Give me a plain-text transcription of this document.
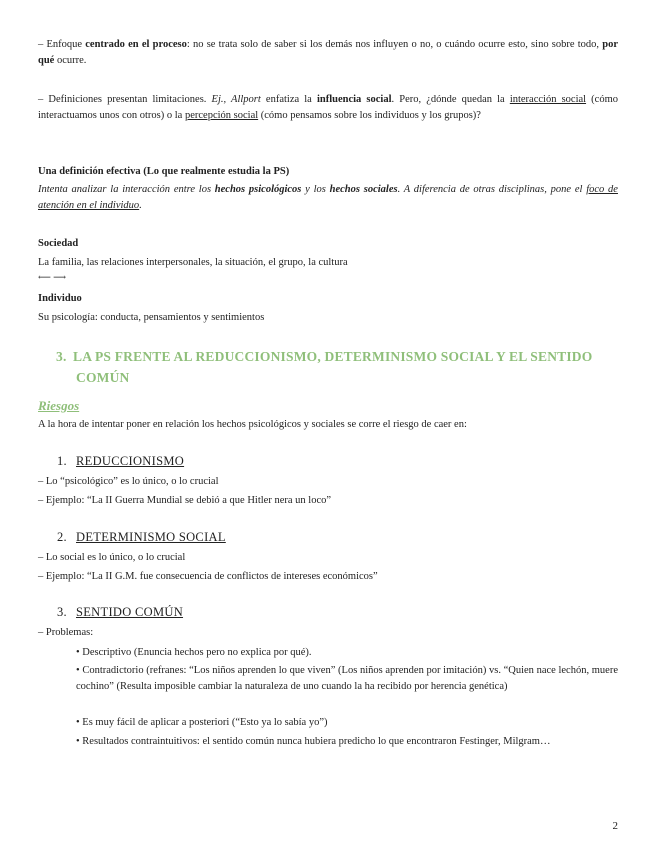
– Enfoque centrado en el proceso: no se trata solo de saber si los demás nos influyen o no, o cuándo ocurre esto, sino sobre todo, por qué ocurre.
– Definiciones presentan limitaciones. Ej., Allport enfatiza la influencia social. Pero, ¿dónde quedan la interacción social (cómo interactuamos unos con otros) o la percepción social (cómo pensamos sobre los individuos y los grupos)?
Una definición efectiva (Lo que realmente estudia la PS)
Intenta analizar la interacción entre los hechos psicológicos y los hechos sociales. A diferencia de otras disciplinas, pone el foco de atención en el individuo.
Sociedad
La familia, las relaciones interpersonales, la situación, el grupo, la cultura
⟵ ⟶
Individuo
Su psicología: conducta, pensamientos y sentimientos
3. LA PS FRENTE AL REDUCCIONISMO, DETERMINISMO SOCIAL Y EL SENTIDO COMÚN
Riesgos
A la hora de intentar poner en relación los hechos psicológicos y sociales se corre el riesgo de caer en:
1. REDUCCIONISMO
– Lo “psicológico” es lo único, o lo crucial
– Ejemplo: “La II Guerra Mundial se debió a que Hitler nera un loco”
2. DETERMINISMO SOCIAL
– Lo social es lo único, o lo crucial
– Ejemplo: “La II G.M. fue consecuencia de conflictos de intereses económicos”
3. SENTIDO COMÚN
– Problemas:
• Descriptivo (Enuncia hechos pero no explica por qué).
• Contradictorio (refranes: “Los niños aprenden lo que viven” (Los niños aprenden por imitación) vs. “Quien nace lechón, muere cochino” (Resulta imposible cambiar la naturaleza de uno cuando la ha recibido por herencia genética)
• Es muy fácil de aplicar a posteriori (“Esto ya lo sabía yo”)
• Resultados contraintuitivos: el sentido común nunca hubiera predicho lo que encontraron Festinger, Milgram…
2
